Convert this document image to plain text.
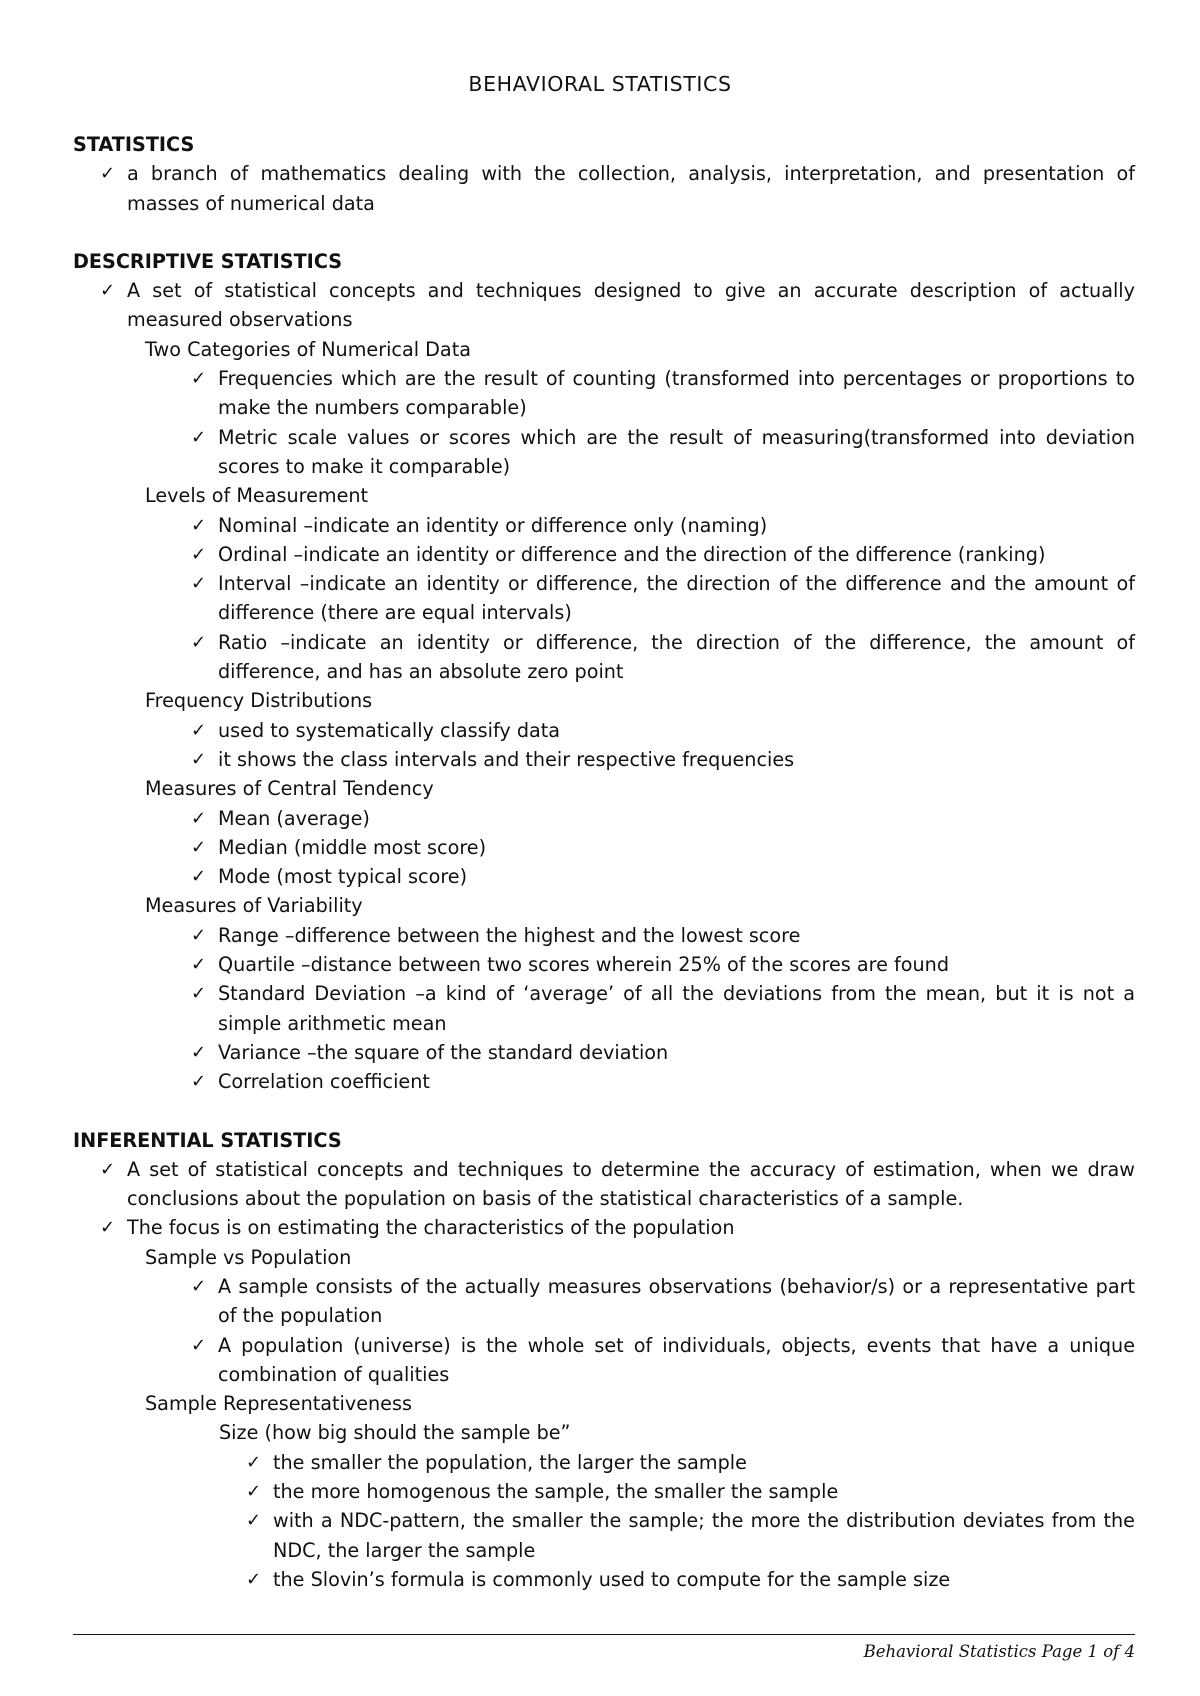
BEHAVIORAL STATISTICS
STATISTICS
✓ a branch of mathematics dealing with the collection, analysis, interpretation, and presentation of masses of numerical data
DESCRIPTIVE STATISTICS
✓ A set of statistical concepts and techniques designed to give an accurate description of actually measured observations
Two Categories of Numerical Data
✓ Frequencies which are the result of counting (transformed into percentages or proportions to make the numbers comparable)
✓ Metric scale values or scores which are the result of measuring(transformed into deviation scores to make it comparable)
Levels of Measurement
✓ Nominal –indicate an identity or difference only (naming)
✓ Ordinal –indicate an identity or difference and the direction of the difference (ranking)
✓ Interval –indicate an identity or difference, the direction of the difference and the amount of difference (there are equal intervals)
✓ Ratio –indicate an identity or difference, the direction of the difference, the amount of difference, and has an absolute zero point
Frequency Distributions
✓ used to systematically classify data
✓ it shows the class intervals and their respective frequencies
Measures of Central Tendency
✓ Mean (average)
✓ Median (middle most score)
✓ Mode (most typical score)
Measures of Variability
✓ Range –difference between the highest and the lowest score
✓ Quartile –distance between two scores wherein 25% of the scores are found
✓ Standard Deviation –a kind of ‘average’ of all the deviations from the mean, but it is not a simple arithmetic mean
✓ Variance –the square of the standard deviation
✓ Correlation coefficient
INFERENTIAL STATISTICS
✓ A set of statistical concepts and techniques to determine the accuracy of estimation, when we draw conclusions about the population on basis of the statistical characteristics of a sample.
✓ The focus is on estimating the characteristics of the population
Sample vs Population
✓ A sample consists of the actually measures observations (behavior/s) or a representative part of the population
✓ A population (universe) is the whole set of individuals, objects, events that have a unique combination of qualities
Sample Representativeness
Size (how big should the sample be”
✓ the smaller the population, the larger the sample
✓ the more homogenous the sample, the smaller the sample
✓ with a NDC-pattern, the smaller the sample; the more the distribution deviates from the NDC, the larger the sample
✓ the Slovin’s formula is commonly used to compute for the sample size
Behavioral Statistics Page 1 of 4
